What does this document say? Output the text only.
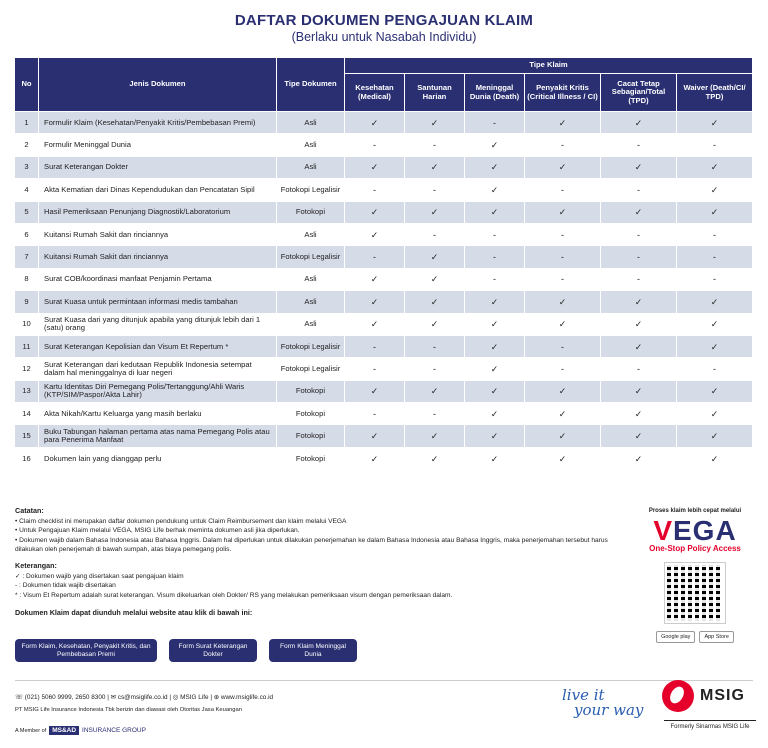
DAFTAR DOKUMEN PENGAJUAN KLAIM
(Berlaku untuk Nasabah Individu)
No	Jenis Dokumen	Tipe Dokumen	Tipe Klaim					
			Kesehatan (Medical)	Santunan Harian	Meninggal Dunia (Death)	Penyakit Kritis (Critical Illness / CI)	Cacat Tetap Sebagian/Total (TPD)	Waiver (Death/CI/ TPD)
1	Formulir Klaim (Kesehatan/Penyakit Kritis/Pembebasan Premi)	Asli	✓	✓	-	✓	✓	✓
2	Formulir Meninggal Dunia	Asli	-	-	✓	-	-	-
3	Surat Keterangan Dokter	Asli	✓	✓	✓	✓	✓	✓
4	Akta Kematian dari Dinas Kependudukan dan Pencatatan Sipil	Fotokopi Legalisir	-	-	✓	-	-	✓
5	Hasil Pemeriksaan Penunjang Diagnostik/Laboratorium	Fotokopi	✓	✓	✓	✓	✓	✓
6	Kuitansi Rumah Sakit dan rinciannya	Asli	✓	-	-	-	-	-
7	Kuitansi Rumah Sakit dan rinciannya	Fotokopi Legalisir	-	✓	-	-	-	-
8	Surat COB/koordinasi manfaat Penjamin Pertama	Asli	✓	✓	-	-	-	-
9	Surat Kuasa untuk permintaan informasi medis tambahan	Asli	✓	✓	✓	✓	✓	✓
10	Surat Kuasa dari yang ditunjuk apabila yang ditunjuk lebih dari 1 (satu) orang	Asli	✓	✓	✓	✓	✓	✓
11	Surat Keterangan Kepolisian dan Visum Et Repertum *	Fotokopi Legalisir	-	-	✓	-	✓	✓
12	Surat Keterangan dari kedutaan Republik Indonesia setempat dalam hal meninggalnya di luar negeri	Fotokopi Legalisir	-	-	✓	-	-	-
13	Kartu Identitas Diri Pemegang Polis/Tertanggung/Ahli Waris (KTP/SIM/Paspor/Akta Lahir)	Fotokopi	✓	✓	✓	✓	✓	✓
14	Akta Nikah/Kartu Keluarga yang masih berlaku	Fotokopi	-	-	✓	✓	✓	✓
15	Buku Tabungan halaman pertama atas nama Pemegang Polis atau para Penerima Manfaat	Fotokopi	✓	✓	✓	✓	✓	✓
16	Dokumen lain yang dianggap perlu	Fotokopi	✓	✓	✓	✓	✓	✓

Catatan:

• Claim checklist ini merupakan daftar dokumen pendukung untuk Claim Reimbursement dan klaim melalui VEGA

• Untuk Pengajuan Klaim melalui VEGA, MSIG Life berhak meminta dokumen asli jika diperlukan.

• Dokumen wajib dalam Bahasa Indonesia atau Bahasa Inggris. Dalam hal diperlukan untuk dilakukan penerjemahan ke dalam Bahasa Indonesia atau Bahasa Inggris, maka penerjemahan tersebut harus dilakukan oleh penerjemah di bawah sumpah, atas biaya pemegang polis.

Keterangan:

✓ : Dokumen wajib yang disertakan saat pengajuan klaim

- : Dokumen tidak wajib disertakan

* : Visum Et Repertum adalah surat keterangan. Visum dikeluarkan oleh Dokter/ RS yang melakukan pemeriksaan visum dengan pemeriksaan dalam.

Dokumen Klaim dapat diunduh melalui website atau klik di bawah ini:

Form Klaim, Kesehatan, Penyakit Kritis, dan Pembebasan Premi
Form Surat Keterangan Dokter
Form Klaim Meninggal Dunia
Proses klaim lebih cepat melalui
VEGA
One-Stop Policy Access
Google play	App Store
☏ (021) 5060 9999, 2650 8300 | ✉ cs@msiglife.co.id | ◎ MSIG Life | ⊕ www.msiglife.co.id
PT MSIG Life Insurance Indonesia Tbk berizin dan diawasi oleh Otoritas Jasa Keuangan
A Member of MS&AD INSURANCE GROUP
live it
your way
MSIG
Formerly Sinarmas MSIG Life
